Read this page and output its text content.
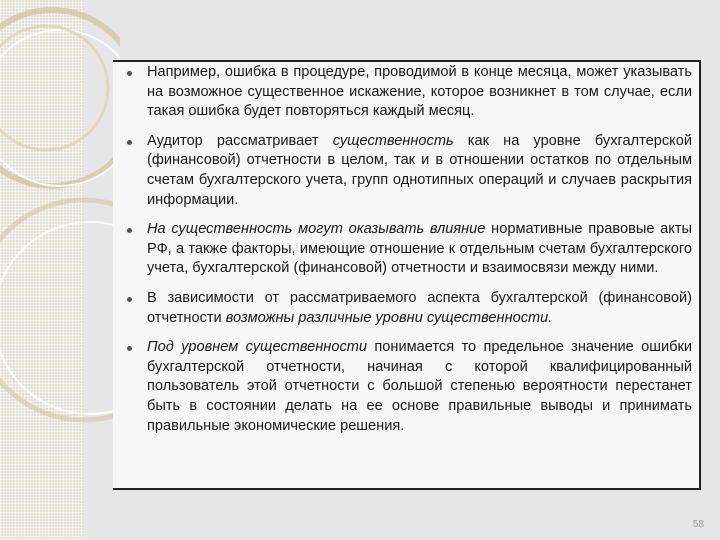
Например, ошибка в процедуре, проводимой в конце месяца, может указывать на возможное существенное искажение, которое возникнет в том случае, если такая ошибка будет повторяться каждый месяц.
Аудитор рассматривает существенность как на уровне бухгалтерской (финансовой) отчетности в целом, так и в отношении остатков по отдельным счетам бухгалтерского учета, групп однотипных операций и случаев раскрытия информации.
На существенность могут оказывать влияние нормативные правовые акты РФ, а также факторы, имеющие отношение к отдельным счетам бухгалтерского учета, бухгалтерской (финансовой) отчетности и взаимосвязи между ними.
В зависимости от рассматриваемого аспекта бухгалтерской (финансовой) отчетности возможны различные уровни существенности.
Под уровнем существенности понимается то предельное значение ошибки бухгалтерской отчетности, начиная с которой квалифицированный пользователь этой отчетности с большой степенью вероятности перестанет быть в состоянии делать на ее основе правильные выводы и принимать правильные экономические решения.
58
